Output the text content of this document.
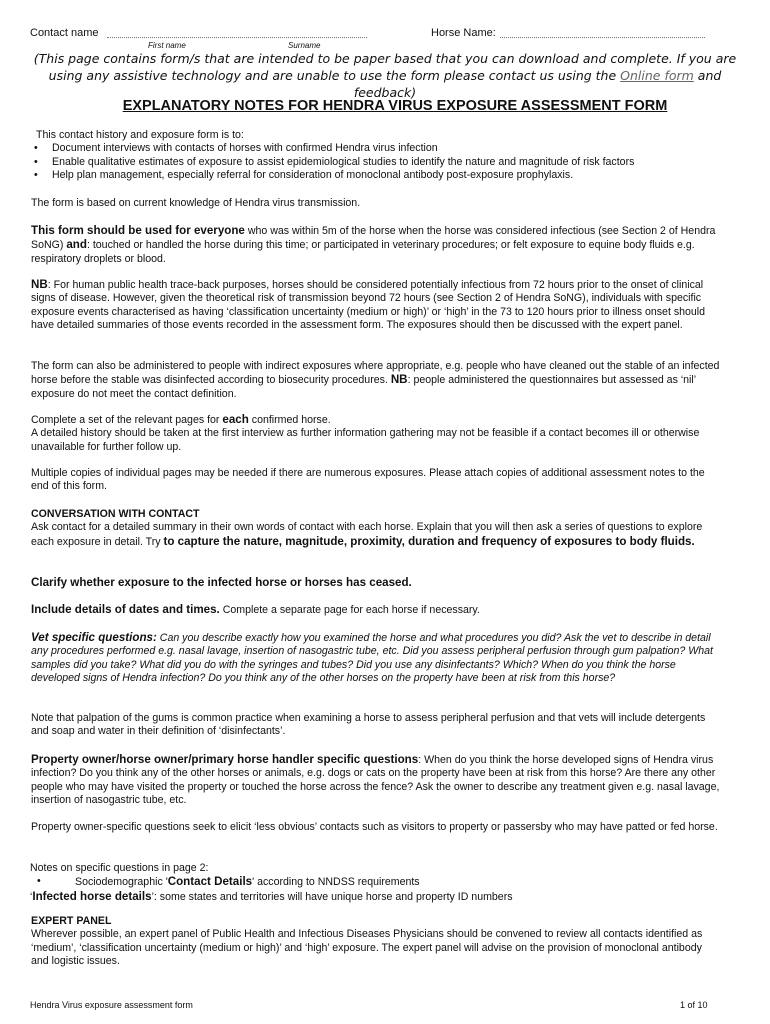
Contact name
First name	Surname
Horse Name:
(This page contains form/s that are intended to be paper based that you can download and complete. If you are using any assistive technology and are unable to use the form please contact us using the Online form and feedback)
EXPLANATORY NOTES FOR HENDRA VIRUS EXPOSURE ASSESSMENT FORM
This contact history and exposure form is to:
• Document interviews with contacts of horses with confirmed Hendra virus infection
• Enable qualitative estimates of exposure to assist epidemiological studies to identify the nature and magnitude of risk factors
• Help plan management, especially referral for consideration of monoclonal antibody post-exposure prophylaxis.
The form is based on current knowledge of Hendra virus transmission.
This form should be used for everyone who was within 5m of the horse when the horse was considered infectious (see Section 2 of Hendra SoNG) and: touched or handled the horse during this time; or participated in veterinary procedures; or felt exposure to equine body fluids e.g. respiratory droplets or blood.
NB: For human public health trace-back purposes, horses should be considered potentially infectious from 72 hours prior to the onset of clinical signs of disease. However, given the theoretical risk of transmission beyond 72 hours (see Section 2 of Hendra SoNG), individuals with specific exposure events characterised as having ‘classification uncertainty (medium or high)’ or ‘high’ in the 73 to 120 hours prior to illness onset should have detailed summaries of those events recorded in the assessment form. The exposures should then be discussed with the expert panel.
The form can also be administered to people with indirect exposures where appropriate, e.g. people who have cleaned out the stable of an infected horse before the stable was disinfected according to biosecurity procedures. NB: people administered the questionnaires but assessed as ‘nil’ exposure do not meet the contact definition.
Complete a set of the relevant pages for each confirmed horse.
A detailed history should be taken at the first interview as further information gathering may not be feasible if a contact becomes ill or otherwise unavailable for further follow up.
Multiple copies of individual pages may be needed if there are numerous exposures. Please attach copies of additional assessment notes to the end of this form.
CONVERSATION WITH CONTACT
Ask contact for a detailed summary in their own words of contact with each horse. Explain that you will then ask a series of questions to explore each exposure in detail. Try to capture the nature, magnitude, proximity, duration and frequency of exposures to body fluids.
Clarify whether exposure to the infected horse or horses has ceased.
Include details of dates and times. Complete a separate page for each horse if necessary.
Vet specific questions: Can you describe exactly how you examined the horse and what procedures you did? Ask the vet to describe in detail any procedures performed e.g. nasal lavage, insertion of nasogastric tube, etc. Did you assess peripheral perfusion through gum palpation? What samples did you take? What did you do with the syringes and tubes? Did you use any disinfectants? Which? When do you think the horse developed signs of Hendra infection? Do you think any of the other horses on the property have been at risk from this horse?
Note that palpation of the gums is common practice when examining a horse to assess peripheral perfusion and that vets will include detergents and soap and water in their definition of ‘disinfectants’.
Property owner/horse owner/primary horse handler specific questions: When do you think the horse developed signs of Hendra virus infection? Do you think any of the other horses or animals, e.g. dogs or cats on the property have been at risk from this horse? Are there any other people who may have visited the property or touched the horse across the fence? Ask the owner to describe any treatment given e.g. nasal lavage, insertion of nasogastric tube, etc.
Property owner-specific questions seek to elicit ‘less obvious’ contacts such as visitors to property or passersby who may have patted or fed horse.
Notes on specific questions in page 2:
• Sociodemographic 'Contact Details' according to NNDSS requirements
‘Infected horse details’: some states and territories will have unique horse and property ID numbers
EXPERT PANEL
Wherever possible, an expert panel of Public Health and Infectious Diseases Physicians should be convened to review all contacts identified as ‘medium’, ‘classification uncertainty (medium or high)’ and ‘high’ exposure. The expert panel will advise on the provision of monoclonal antibody and logistic issues.
Hendra Virus exposure assessment form	1 of 10
